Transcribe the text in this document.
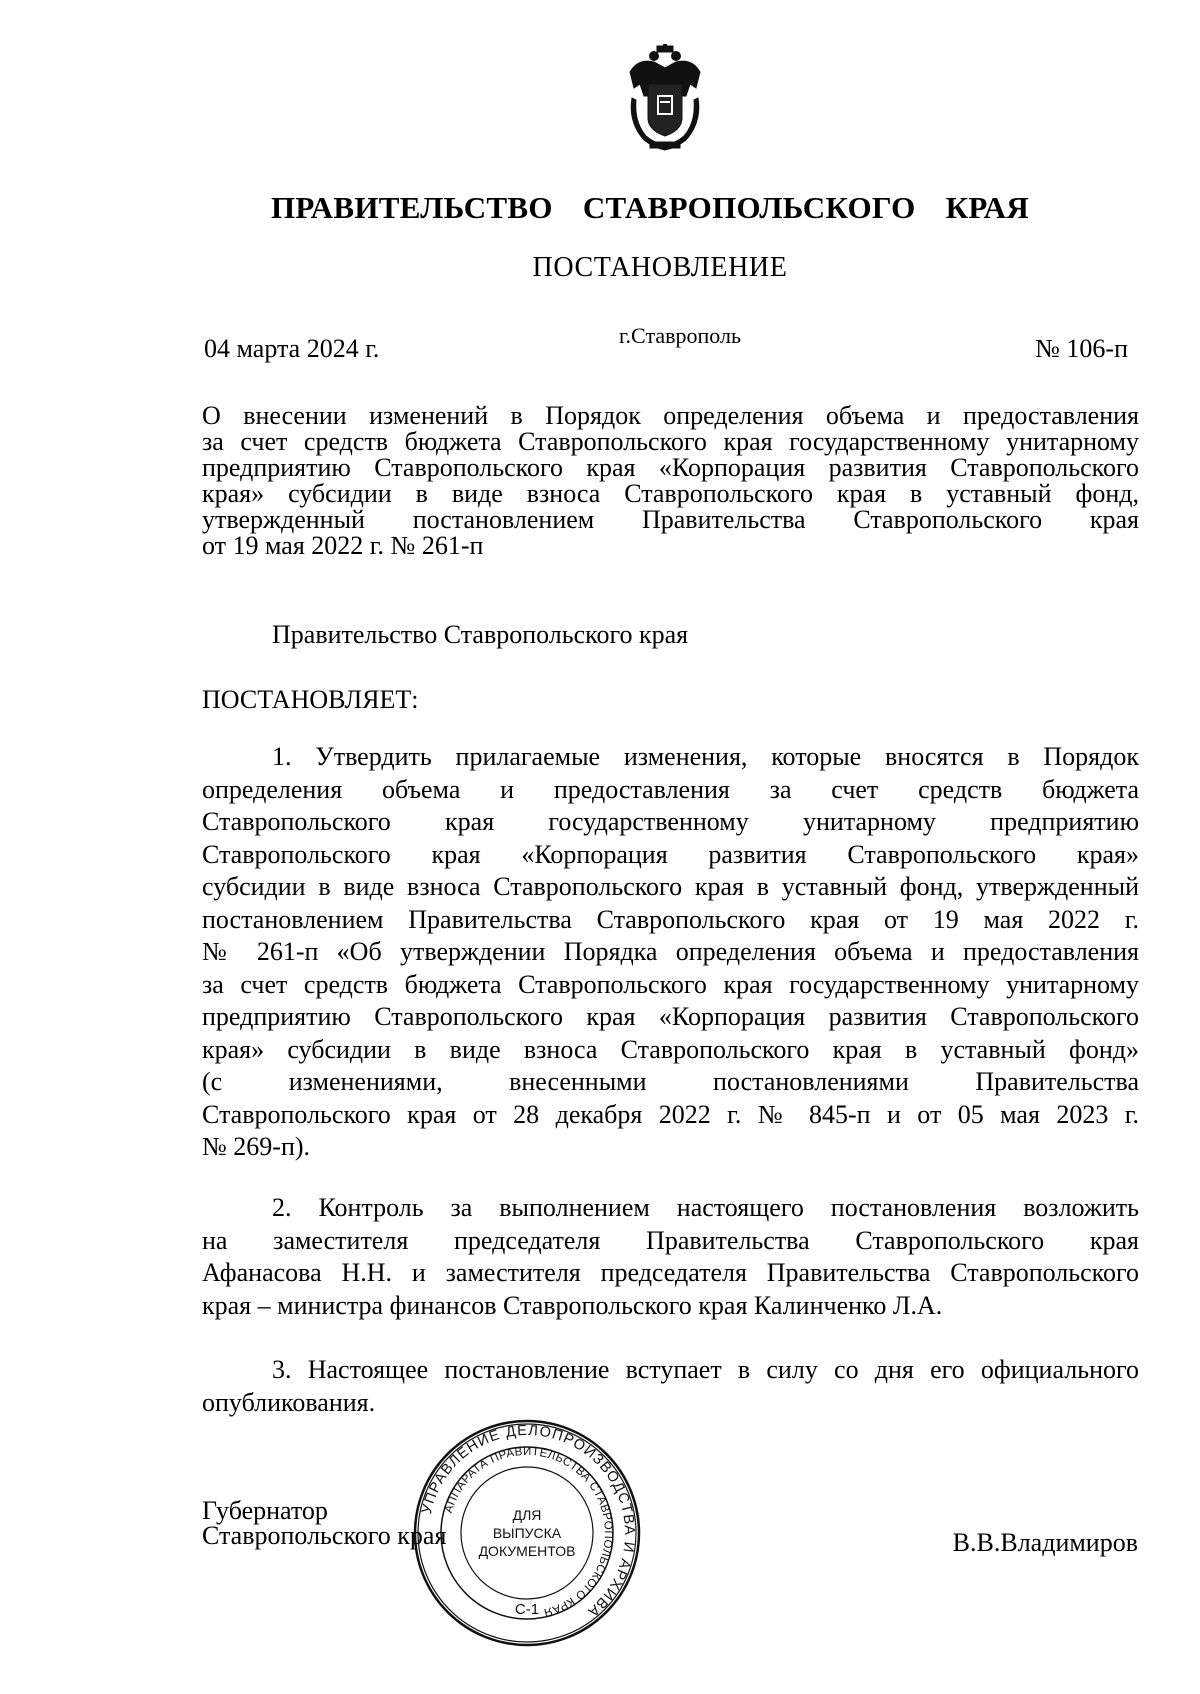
ПРАВИТЕЛЬСТВО СТАВРОПОЛЬСКОГО КРАЯ
ПОСТАНОВЛЕНИЕ
04 марта 2024 г.	г.Ставрополь	№ 106-п
О внесении изменений в Порядок определения объема и предоставления
за счет средств бюджета Ставропольского края государственному унитарному
предприятию Ставропольского края «Корпорация развития Ставропольского
края» субсидии в виде взноса Ставропольского края в уставный фонд,
утвержденный постановлением Правительства Ставропольского края
от 19 мая 2022 г. № 261-п
Правительство Ставропольского края
ПОСТАНОВЛЯЕТ:
1. Утвердить прилагаемые изменения, которые вносятся в Порядок
определения объема и предоставления за счет средств бюджета
Ставропольского края государственному унитарному предприятию
Ставропольского края «Корпорация развития Ставропольского края»
субсидии в виде взноса Ставропольского края в уставный фонд, утвержденный
постановлением Правительства Ставропольского края от 19 мая 2022 г.
№ 261-п «Об утверждении Порядка определения объема и предоставления
за счет средств бюджета Ставропольского края государственному унитарному
предприятию Ставропольского края «Корпорация развития Ставропольского
края» субсидии в виде взноса Ставропольского края в уставный фонд»
(с изменениями, внесенными постановлениями Правительства
Ставропольского края от 28 декабря 2022 г. № 845-п и от 05 мая 2023 г.
№ 269-п).
2. Контроль за выполнением настоящего постановления возложить
на заместителя председателя Правительства Ставропольского края
Афанасова Н.Н. и заместителя председателя Правительства Ставропольского
края – министра финансов Ставропольского края Калинченко Л.А.
3. Настоящее постановление вступает в силу со дня его официального
опубликования.
УПРАВЛЕНИЕ ДЕЛОПРОИЗВОДСТВА И АРХИВА
АППАРАТА ПРАВИТЕЛЬСТВА СТАВРОПОЛЬСКОГО КРАЯ
ДЛЯ
ВЫПУСКА
ДОКУМЕНТОВ
С-1
Губернатор
Ставропольского края	В.В.Владимиров
